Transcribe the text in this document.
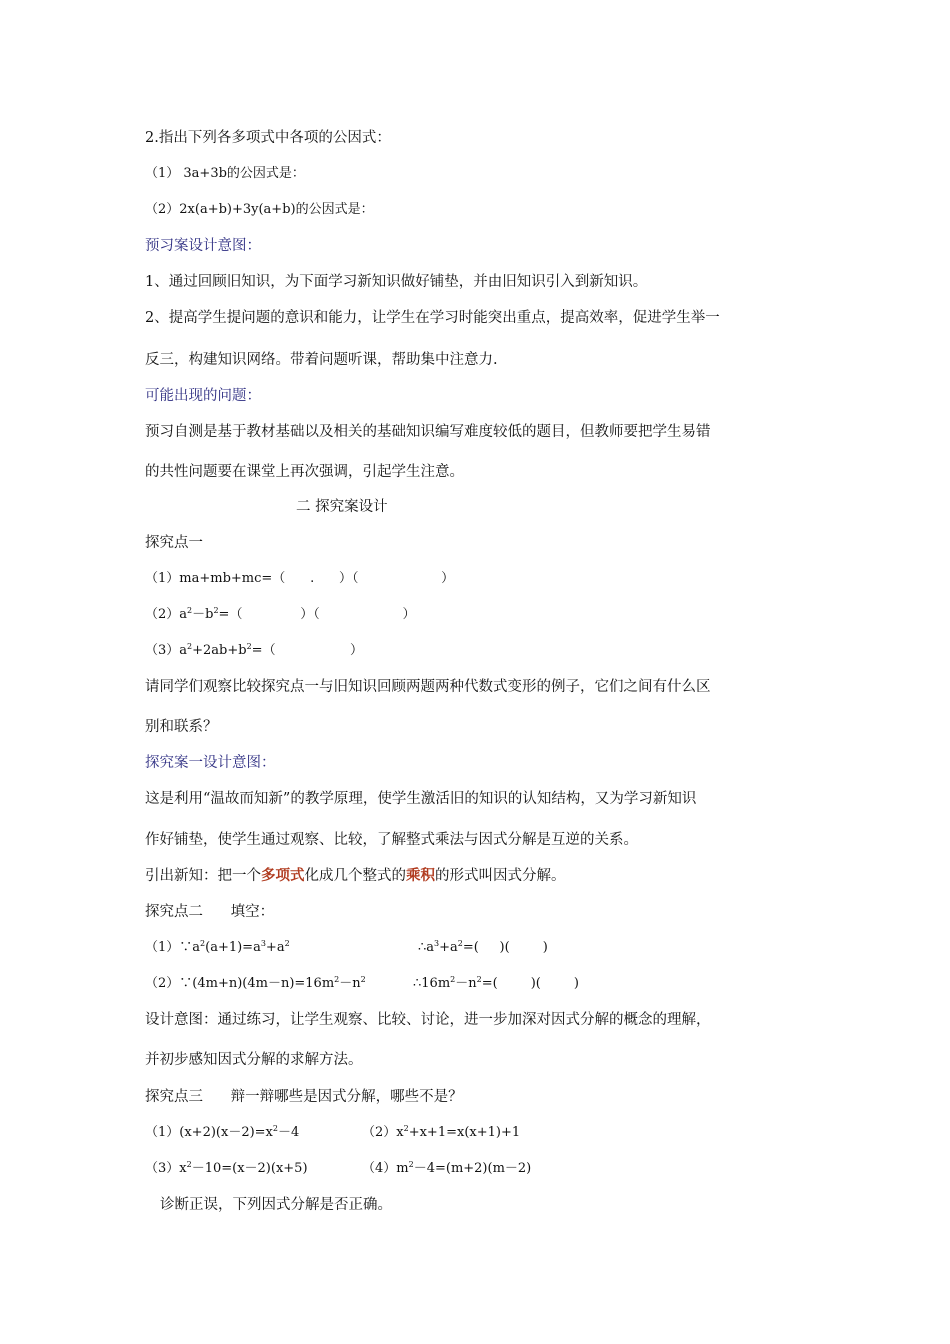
2.指出下列各多项式中各项的公因式：
（1） 3a+3b的公因式是：
（2）2x(a+b)+3y(a+b)的公因式是：
预习案设计意图：
1、通过回顾旧知识，为下面学习新知识做好铺垫，并由旧知识引入到新知识。
2、提高学生提问题的意识和能力，让学生在学习时能突出重点，提高效率，促进学生举一
反三，构建知识网络。带着问题听课，帮助集中注意力.
可能出现的问题：
预习自测是基于教材基础以及相关的基础知识编写难度较低的题目，但教师要把学生易错
的共性问题要在课堂上再次强调，引起学生注意。
二 探究案设计
探究点一
（1）ma+mb+mc=（      .      ）（                    ）
$(2)a^2-b^2=$（              ）（                    ）
$(3)a^2+2ab+b^2=$（                  ）
请同学们观察比较探究点一与旧知识回顾两题两种代数式变形的例子，它们之间有什么区
别和联系？
探究案一设计意图：
这是利用“温故而知新”的教学原理，使学生激活旧的知识的认知结构，又为学习新知识
作好铺垫，使学生通过观察、比较，了解整式乘法与因式分解是互逆的关系。
引出新知：把一个多项式化成几个整式的乘积的形式叫因式分解。
探究点二      填空：
$(1)\because a^2(a+1)=a^3+a^2$	$\therefore a^3+a^2=$(     )(        )
$(2)\because(4m+n)(4m-n)=16m^2-n^2$	$\therefore 16m^2-n^2=$(        )(        )
设计意图：通过练习，让学生观察、比较、讨论，进一步加深对因式分解的概念的理解，
并初步感知因式分解的求解方法。
探究点三      辩一辩哪些是因式分解，哪些不是？
$(1)(x+2)(x-2)=x^2-4$	$(2)x^2+x+1=x(x+1)+1$
$(3)x^2-10=(x-2)(x+5)$	$(4)m^2-4=(m+2)(m-2)$
诊断正误，下列因式分解是否正确。
